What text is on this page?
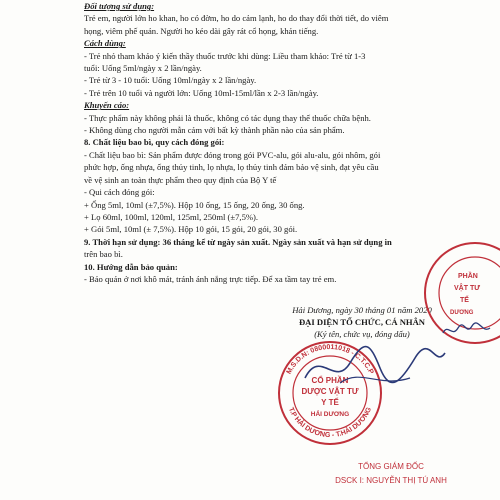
Đối tượng sử dụng:
Trẻ em, người lớn ho khan, ho có đờm, ho do cảm lạnh, ho do thay đổi thời tiết, do viêm
họng, viêm phế quản. Người ho kéo dài gây rát cổ họng, khản tiếng.
Cách dùng:
- Trẻ nhỏ tham khảo ý kiến thầy thuốc trước khi dùng: Liều tham khảo: Trẻ từ 1-3
tuổi: Uống 5ml/ngày x 2 lần/ngày.
- Trẻ từ 3 - 10 tuổi: Uống 10ml/ngày x 2 lần/ngày.
- Trẻ trên 10 tuổi và người lớn: Uống 10ml-15ml/lần x 2-3 lần/ngày.
Khuyến cáo:
- Thực phẩm này không phải là thuốc, không có tác dụng thay thế thuốc chữa bệnh.
- Không dùng cho người mẫn cảm với bất kỳ thành phần nào của sản phẩm.
8. Chất liệu bao bì, quy cách đóng gói:
- Chất liệu bao bì: Sản phẩm được đóng trong gói PVC-alu, gói alu-alu, gói nhôm, gói
phức hợp, ống nhựa, ống thủy tinh, lọ nhựa, lọ thủy tinh đảm bảo vệ sinh, đạt yêu cầu
về vệ sinh an toàn thực phẩm theo quy định của Bộ Y tế
- Qui cách đóng gói:
+ Ống 5ml, 10ml (±7,5%). Hộp 10 ống, 15 ống, 20 ống, 30 ống.
+ Lọ 60ml, 100ml, 120ml, 125ml, 250ml (±7,5%).
+ Gói 5ml, 10ml (± 7,5%). Hộp 10 gói, 15 gói, 20 gói, 30 gói.
9. Thời hạn sử dụng: 36 tháng kể từ ngày sản xuất. Ngày sản xuất và hạn sử dụng in
trên bao bì.
10. Hướng dẫn bảo quản:
- Bảo quản ở nơi khô mát, tránh ánh nắng trực tiếp. Để xa tầm tay trẻ em.
Hải Dương, ngày 30 tháng 01 năm 2020
ĐẠI DIỆN TỔ CHỨC, CÁ NHÂN
(Ký tên, chức vụ, đóng dấu)
M.S.D.N: 0800011018 - C.T.C.P
T.P HẢI DƯƠNG - T.HẢI DƯƠNG
CỔ PHẦN
DƯỢC VẬT TƯ
Y TẾ
HẢI DƯƠNG
PHẦN
VẬT TƯ
TẾ
DƯƠNG
TỔNG GIÁM ĐỐC
DSCK I: NGUYỄN THỊ TÚ ANH
